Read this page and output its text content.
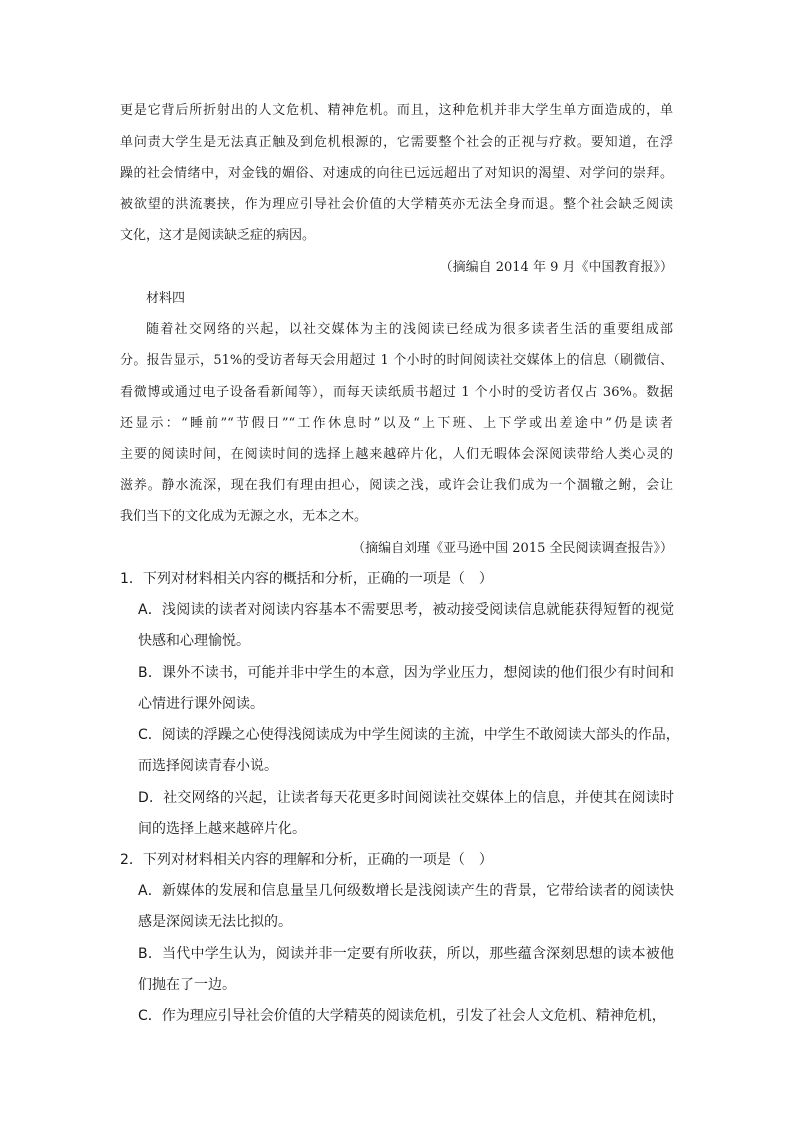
更是它背后所折射出的人文危机、精神危机。而且，这种危机并非大学生单方面造成的，单
单问责大学生是无法真正触及到危机根源的，它需要整个社会的正视与疗救。要知道，在浮
躁的社会情绪中，对金钱的媚俗、对速成的向往已远远超出了对知识的渴望、对学问的崇拜。
被欲望的洪流裹挟，作为理应引导社会价值的大学精英亦无法全身而退。整个社会缺乏阅读
文化，这才是阅读缺乏症的病因。
（摘编自 2014 年 9 月《中国教育报》）
材料四
随着社交网络的兴起，以社交媒体为主的浅阅读已经成为很多读者生活的重要组成部
分。报告显示，51%的受访者每天会用超过 1 个小时的时间阅读社交媒体上的信息（刷微信、
看微博或通过电子设备看新闻等），而每天读纸质书超过 1 个小时的受访者仅占 36%。数据
还显示：“睡前”“节假日”“工作休息时”以及“上下班、上下学或出差途中”仍是读者
主要的阅读时间，在阅读时间的选择上越来越碎片化，人们无暇体会深阅读带给人类心灵的
滋养。静水流深，现在我们有理由担心，阅读之浅，或许会让我们成为一个涸辙之鲋，会让
我们当下的文化成为无源之水，无本之木。
（摘编自刘瑾《亚马逊中国 2015 全民阅读调查报告》）
1．下列对材料相关内容的概括和分析，正确的一项是（　）
A．浅阅读的读者对阅读内容基本不需要思考，被动接受阅读信息就能获得短暂的视觉
快感和心理愉悦。
B．课外不读书，可能并非中学生的本意，因为学业压力，想阅读的他们很少有时间和
心情进行课外阅读。
C．阅读的浮躁之心使得浅阅读成为中学生阅读的主流，中学生不敢阅读大部头的作品，
而选择阅读青春小说。
D．社交网络的兴起，让读者每天花更多时间阅读社交媒体上的信息，并使其在阅读时
间的选择上越来越碎片化。
2．下列对材料相关内容的理解和分析，正确的一项是（　）
A．新媒体的发展和信息量呈几何级数增长是浅阅读产生的背景，它带给读者的阅读快
感是深阅读无法比拟的。
B．当代中学生认为，阅读并非一定要有所收获，所以，那些蕴含深刻思想的读本被他
们抛在了一边。
C．作为理应引导社会价值的大学精英的阅读危机，引发了社会人文危机、精神危机，
